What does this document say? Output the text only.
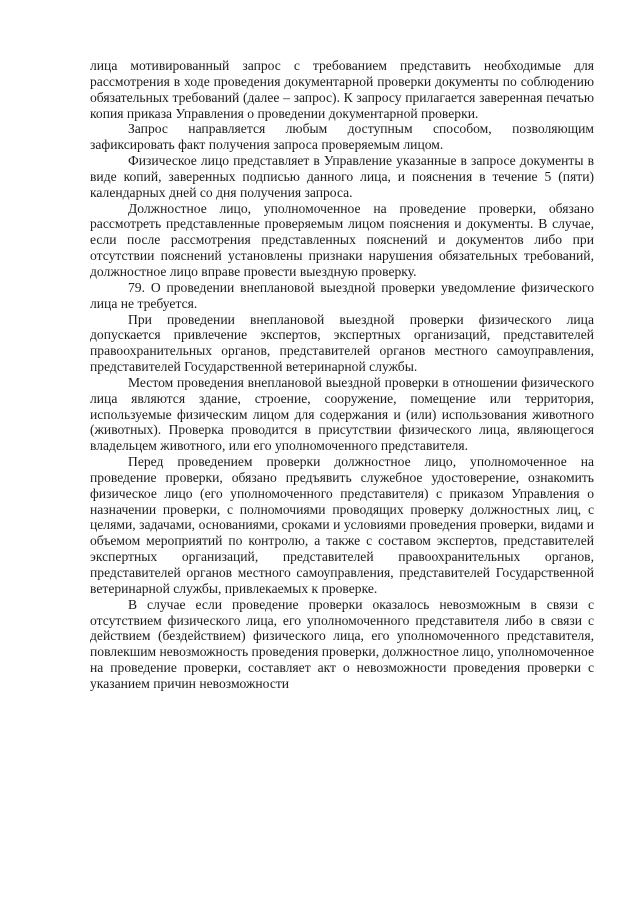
лица мотивированный запрос с требованием представить необходимые для рассмотрения в ходе проведения документарной проверки документы по соблюдению обязательных требований (далее – запрос). К запросу прилагается заверенная печатью копия приказа Управления о проведении документарной проверки.

Запрос направляется любым доступным способом, позволяющим зафиксировать факт получения запроса проверяемым лицом.

Физическое лицо представляет в Управление указанные в запросе документы в виде копий, заверенных подписью данного лица, и пояснения в течение 5 (пяти) календарных дней со дня получения запроса.

Должностное лицо, уполномоченное на проведение проверки, обязано рассмотреть представленные проверяемым лицом пояснения и документы. В случае, если после рассмотрения представленных пояснений и документов либо при отсутствии пояснений установлены признаки нарушения обязательных требований, должностное лицо вправе провести выездную проверку.

79. О проведении внеплановой выездной проверки уведомление физического лица не требуется.

При проведении внеплановой выездной проверки физического лица допускается привлечение экспертов, экспертных организаций, представителей правоохранительных органов, представителей органов местного самоуправления, представителей Государственной ветеринарной службы.

Местом проведения внеплановой выездной проверки в отношении физического лица являются здание, строение, сооружение, помещение или территория, используемые физическим лицом для содержания и (или) использования животного (животных). Проверка проводится в присутствии физического лица, являющегося владельцем животного, или его уполномоченного представителя.

Перед проведением проверки должностное лицо, уполномоченное на проведение проверки, обязано предъявить служебное удостоверение, ознакомить физическое лицо (его уполномоченного представителя) с приказом Управления о назначении проверки, с полномочиями проводящих проверку должностных лиц, с целями, задачами, основаниями, сроками и условиями проведения проверки, видами и объемом мероприятий по контролю, а также с составом экспертов, представителей экспертных организаций, представителей правоохранительных органов, представителей органов местного самоуправления, представителей Государственной ветеринарной службы, привлекаемых к проверке.

В случае если проведение проверки оказалось невозможным в связи с отсутствием физического лица, его уполномоченного представителя либо в связи с действием (бездействием) физического лица, его уполномоченного представителя, повлекшим невозможность проведения проверки, должностное лицо, уполномоченное на проведение проверки, составляет акт о невозможности проведения проверки с указанием причин невозможности
